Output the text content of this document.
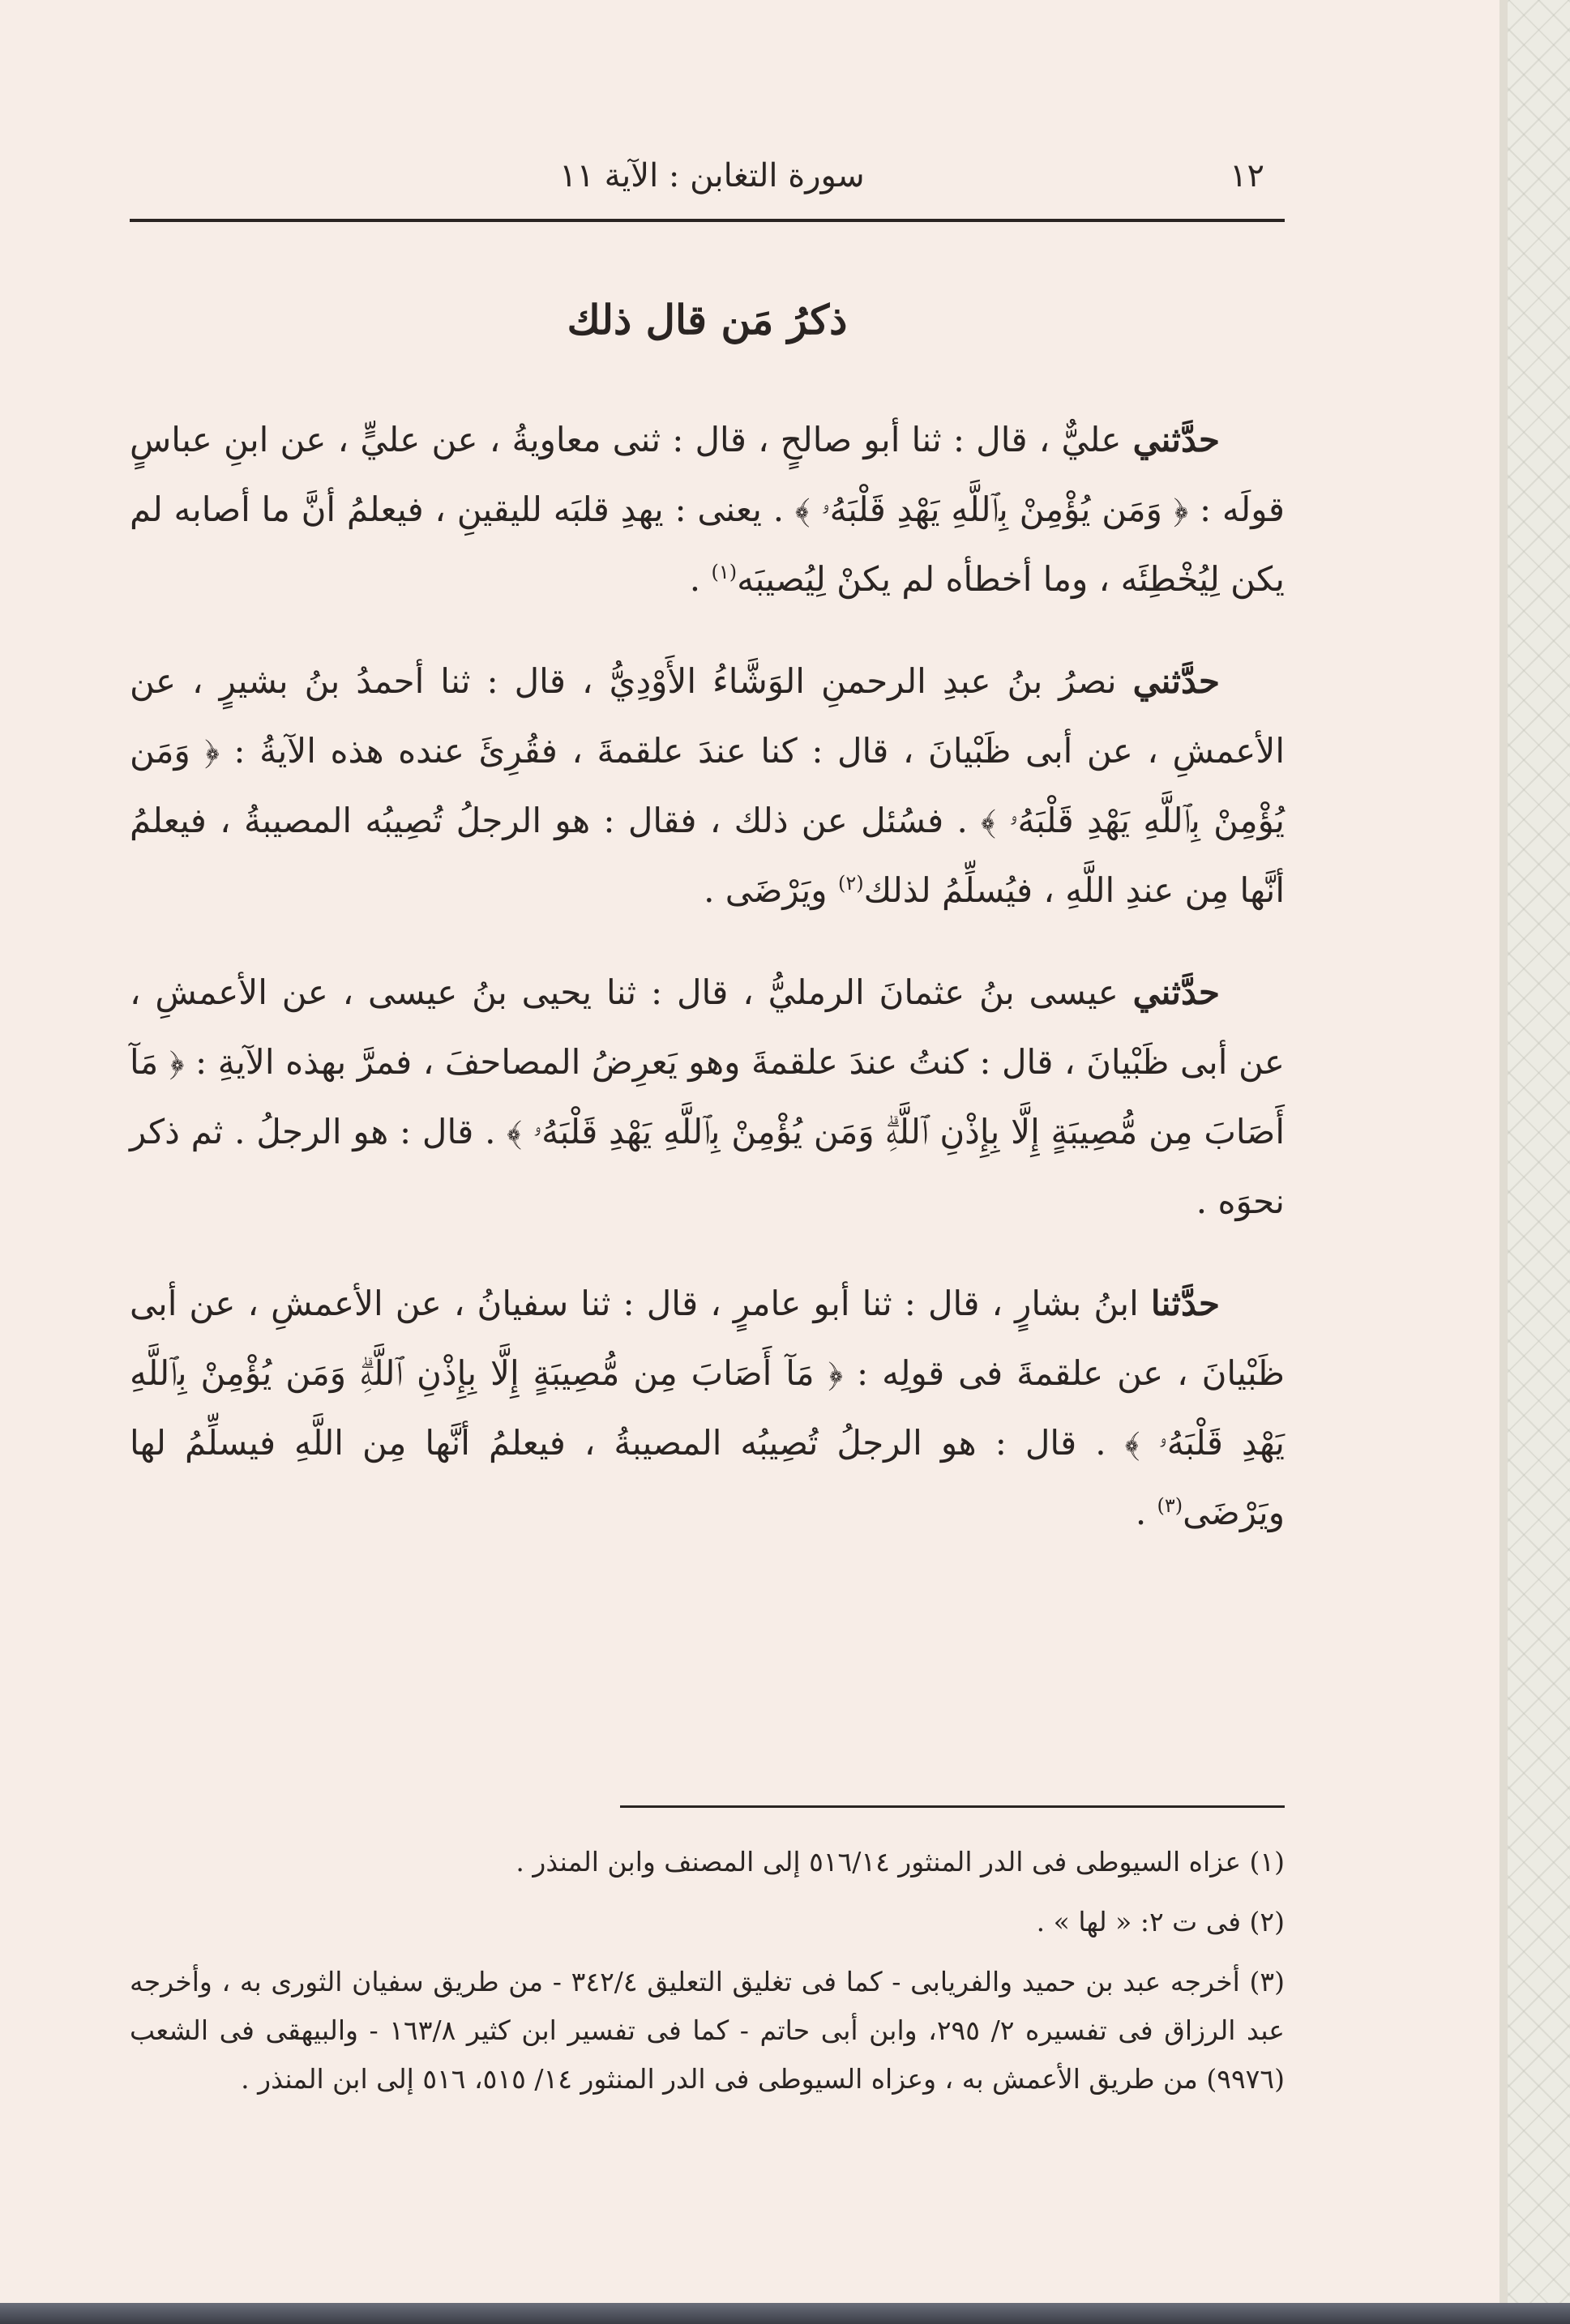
١٢
سورة التغابن : الآية ١١
ذكرُ مَن قال ذلك

حدَّثني عليٌّ ، قال : ثنا أبو صالحٍ ، قال : ثنى معاويةُ ، عن عليٍّ ، عن ابنِ عباسٍ قولَه : ﴿ وَمَن يُؤْمِنْ بِٱللَّهِ يَهْدِ قَلْبَهُۥ ﴾ . يعنى : يهدِ قلبَه لليقينِ ، فيعلمُ أنَّ ما أصابه لم يكن لِيُخْطِئَه ، وما أخطأه لم يكنْ لِيُصيبَه$^{(١)}$ .

حدَّثني نصرُ بنُ عبدِ الرحمنِ الوَشَّاءُ الأَوْدِيُّ ، قال : ثنا أحمدُ بنُ بشيرٍ ، عن الأعمشِ ، عن أبى ظَبْيانَ ، قال : كنا عندَ علقمةَ ، فقُرِئَ عنده هذه الآيةُ : ﴿ وَمَن يُؤْمِنْ بِٱللَّهِ يَهْدِ قَلْبَهُۥ ﴾ . فسُئل عن ذلك ، فقال : هو الرجلُ تُصِيبُه المصيبةُ ، فيعلمُ أنَّها مِن عندِ اللَّهِ ، فيُسلِّمُ لذلك$^{(٢)}$ ويَرْضَى .

حدَّثني عيسى بنُ عثمانَ الرمليُّ ، قال : ثنا يحيى بنُ عيسى ، عن الأعمشِ ، عن أبى ظَبْيانَ ، قال : كنتُ عندَ علقمةَ وهو يَعرِضُ المصاحفَ ، فمرَّ بهذه الآيةِ : ﴿ مَآ أَصَابَ مِن مُّصِيبَةٍ إِلَّا بِإِذْنِ ٱللَّهِۗ وَمَن يُؤْمِنْ بِٱللَّهِ يَهْدِ قَلْبَهُۥ ﴾ . قال : هو الرجلُ . ثم ذكر نحوَه .

حدَّثنا ابنُ بشارٍ ، قال : ثنا أبو عامرٍ ، قال : ثنا سفيانُ ، عن الأعمشِ ، عن أبى ظَبْيانَ ، عن علقمةَ فى قولِه : ﴿ مَآ أَصَابَ مِن مُّصِيبَةٍ إِلَّا بِإِذْنِ ٱللَّهِۗ وَمَن يُؤْمِنْ بِٱللَّهِ يَهْدِ قَلْبَهُۥ ﴾ . قال : هو الرجلُ تُصِيبُه المصيبةُ ، فيعلمُ أنَّها مِن اللَّهِ فيسلِّمُ لها ويَرْضَى$^{(٣)}$ .

(١) عزاه السيوطى فى الدر المنثور ٥١٦/١٤ إلى المصنف وابن المنذر .

(٢) فى ت ٢: « لها » .

(٣) أخرجه عبد بن حميد والفريابى - كما فى تغليق التعليق ٣٤٢/٤ - من طريق سفيان الثورى به ، وأخرجه عبد الرزاق فى تفسيره ٢/ ٢٩٥، وابن أبى حاتم - كما فى تفسير ابن كثير ١٦٣/٨ - والبيهقى فى الشعب (٩٩٧٦) من طريق الأعمش به ، وعزاه السيوطى فى الدر المنثور ١٤/ ٥١٥، ٥١٦ إلى ابن المنذر .
